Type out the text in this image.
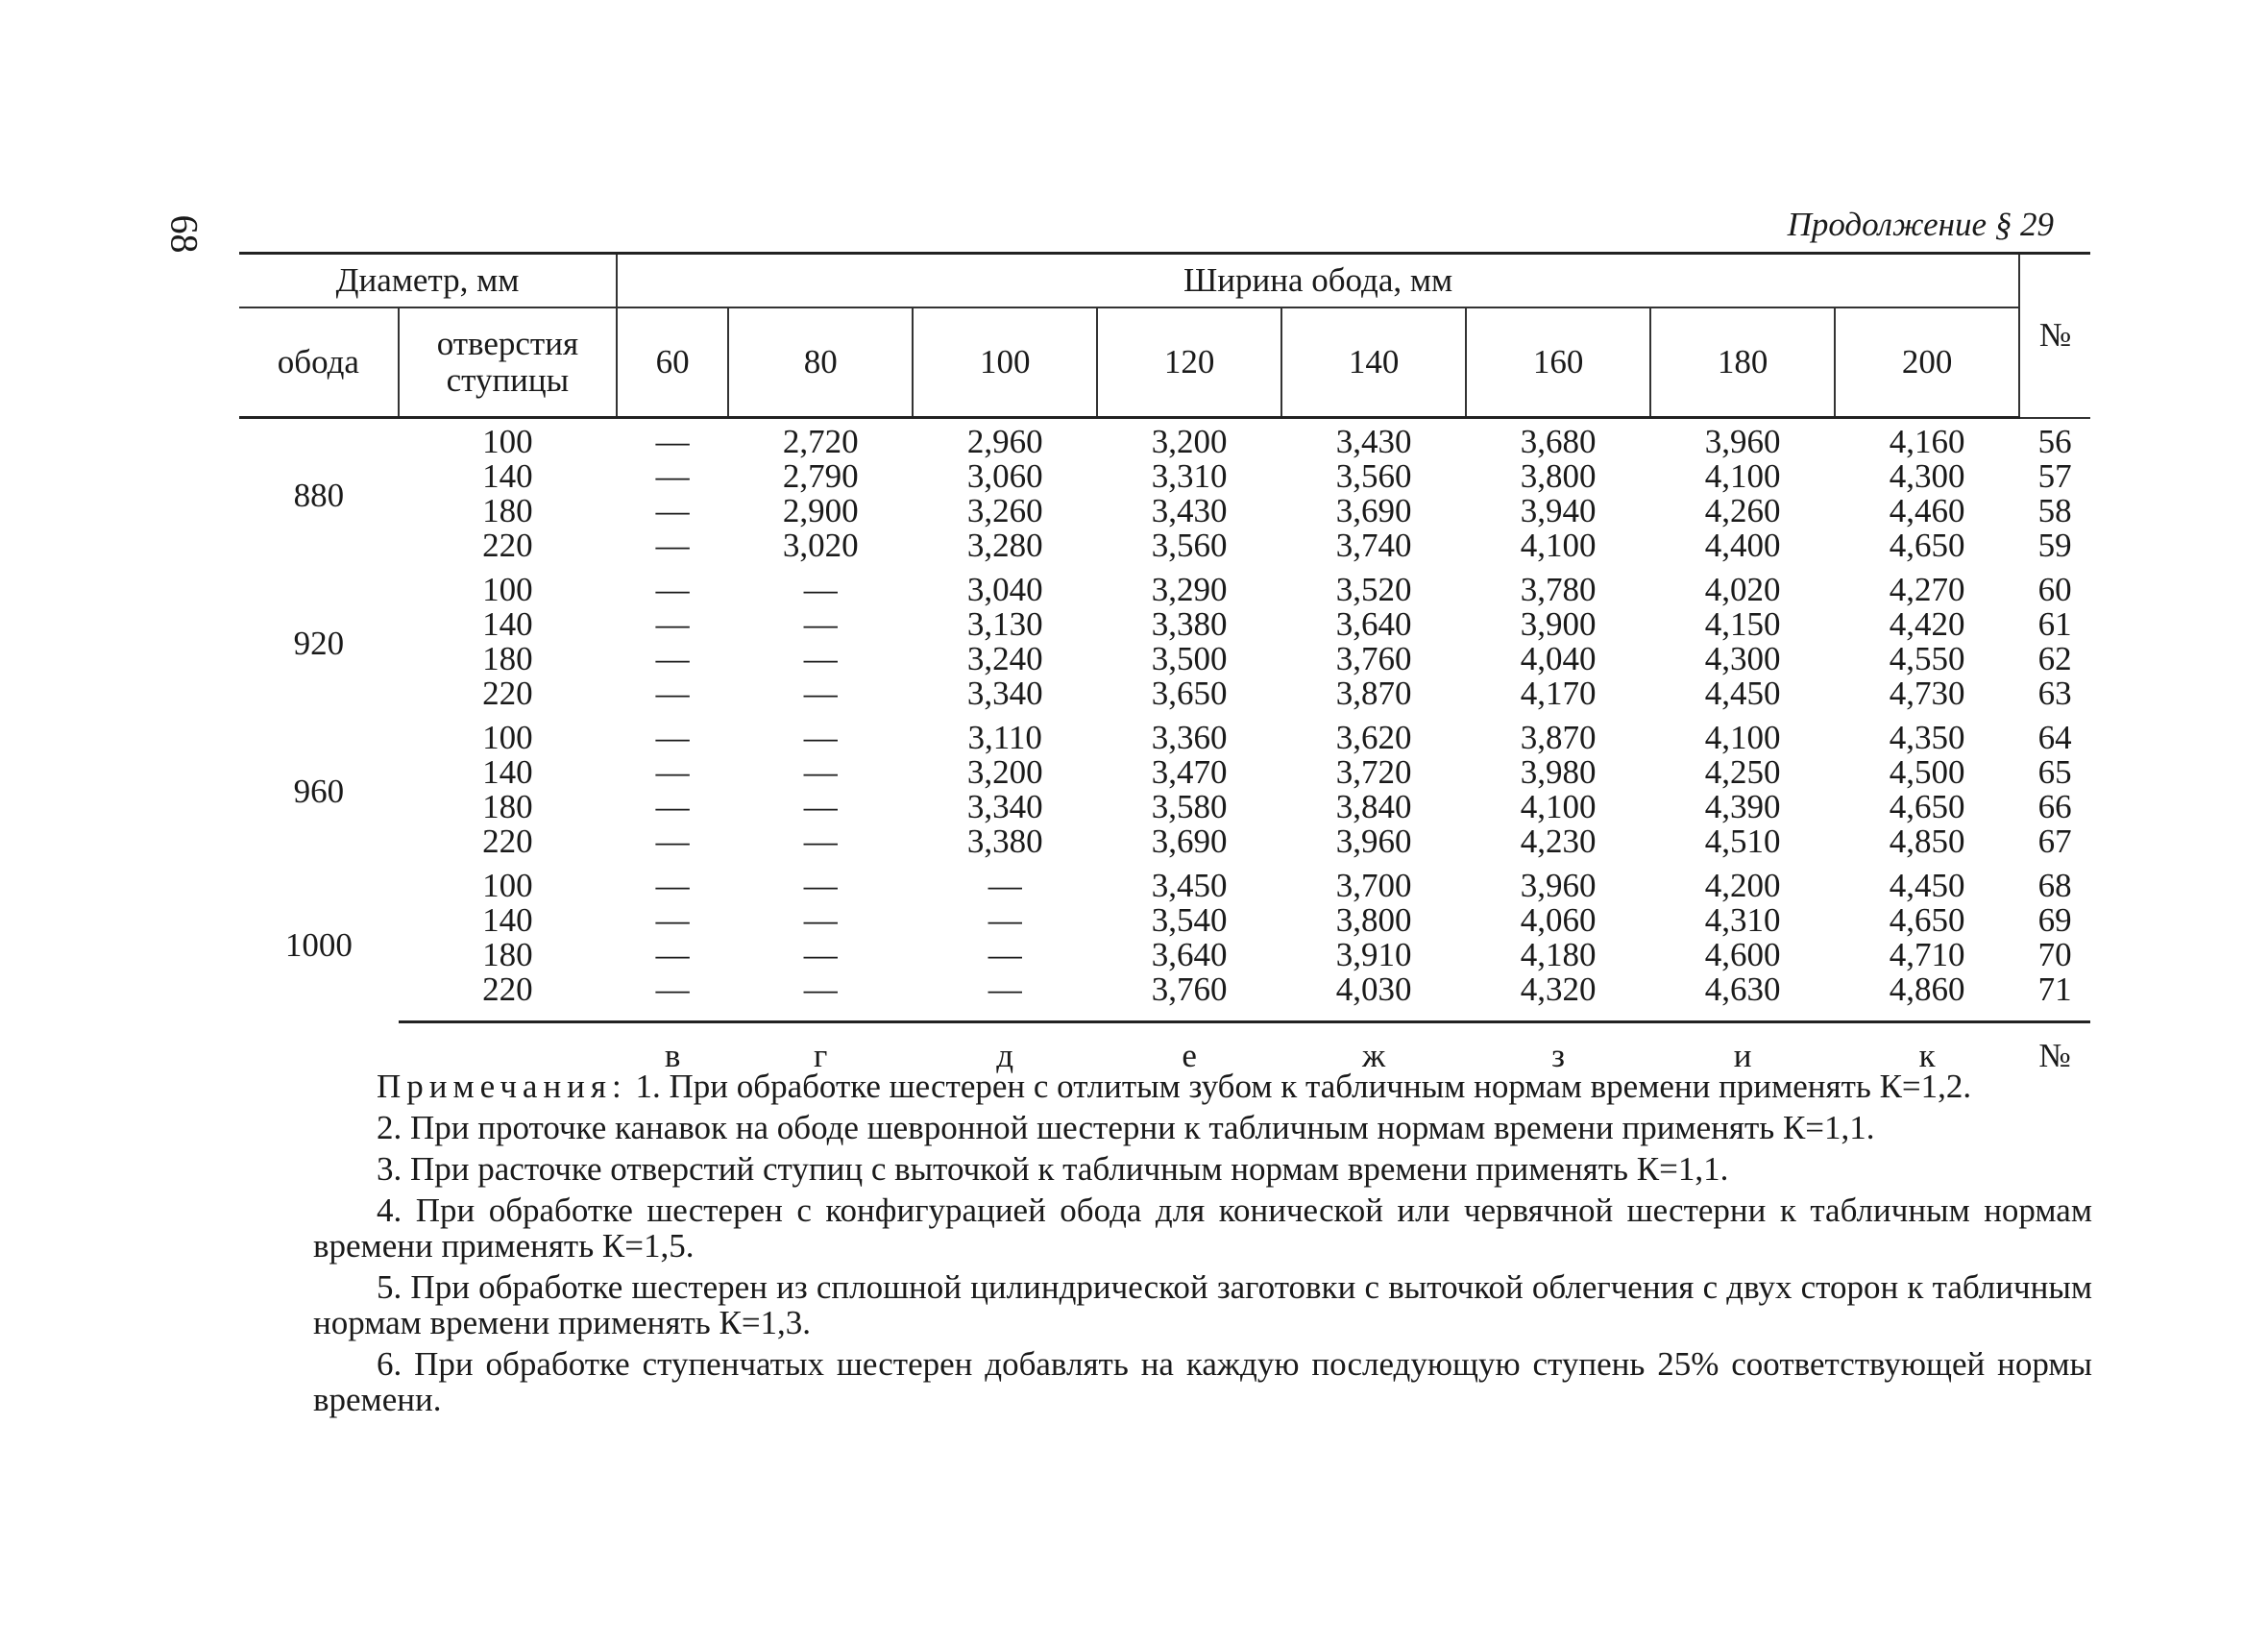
68	Продолжение § 29
Диаметр, мм		Ширина обода, мм								№
обода	отверстия ступицы	60	80	100	120	140	160	180	200	
880	100	—	2,720	2,960	3,200	3,430	3,680	3,960	4,160	56
	140	—	2,790	3,060	3,310	3,560	3,800	4,100	4,300	57
	180	—	2,900	3,260	3,430	3,690	3,940	4,260	4,460	58
	220	—	3,020	3,280	3,560	3,740	4,100	4,400	4,650	59
920	100	—	—	3,040	3,290	3,520	3,780	4,020	4,270	60
	140	—	—	3,130	3,380	3,640	3,900	4,150	4,420	61
	180	—	—	3,240	3,500	3,760	4,040	4,300	4,550	62
	220	—	—	3,340	3,650	3,870	4,170	4,450	4,730	63
960	100	—	—	3,110	3,360	3,620	3,870	4,100	4,350	64
	140	—	—	3,200	3,470	3,720	3,980	4,250	4,500	65
	180	—	—	3,340	3,580	3,840	4,100	4,390	4,650	66
	220	—	—	3,380	3,690	3,960	4,230	4,510	4,850	67
1000	100	—	—	—	3,450	3,700	3,960	4,200	4,450	68
	140	—	—	—	3,540	3,800	4,060	4,310	4,650	69
	180	—	—	—	3,640	3,910	4,180	4,600	4,710	70
	220	—	—	—	3,760	4,030	4,320	4,630	4,860	71
		в	г	д	е	ж	з	и	к	№

Примечания: 1. При обработке шестерен с отлитым зубом к табличным нормам времени применять К=1,2.

2. При проточке канавок на ободе шевронной шестерни к табличным нормам времени применять К=1,1.

3. При расточке отверстий ступиц с выточкой к табличным нормам времени применять К=1,1.

4. При обработке шестерен с конфигурацией обода для конической или червячной шестерни к табличным нормам времени применять К=1,5.

5. При обработке шестерен из сплошной цилиндрической заготовки с выточкой облегчения с двух сторон к табличным нормам времени применять К=1,3.

6. При обработке ступенчатых шестерен добавлять на каждую последующую ступень 25% соответствующей нормы времени.
